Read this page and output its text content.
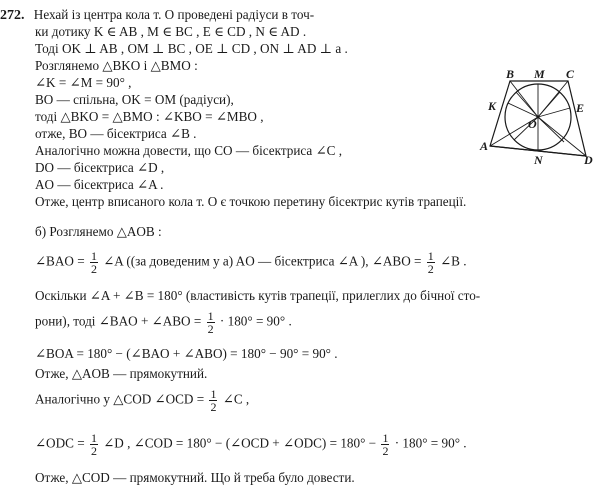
272. Нехай із центра кола т. O проведені радіуси в точ-
ки дотику K ∈ AB , M ∈ BC , E ∈ CD , N ∈ AD .
Тоді OK ⊥ AB , OM ⊥ BC , OE ⊥ CD , ON ⊥ AD ⊥ a .
Розглянемо △BKO і △BMO :
∠K = ∠M = 90° ,
BO — спільна, OK = OM (радіуси),
тоді △BKO = △BMO : ∠KBO = ∠MBO ,
отже, BO — бісектриса ∠B .
Аналогічно можна довести, що CO — бісектриса ∠C ,
DO — бісектриса ∠D ,
AO — бісектриса ∠A .
Отже, центр вписаного кола т. O є точкою перетину бісектрис кутів трапеції.
B M C
K	E
O
A
N	D
б) Розглянемо △AOB :
∠BAO = $\frac{1}{2}$ ∠A ((за доведеним у а) AO — бісектриса ∠A ), ∠ABO = $\frac{1}{2}$ ∠B .
Оскільки ∠A + ∠B = 180° (властивість кутів трапеції, прилеглих до бічної сто-
рони), тоді ∠BAO + ∠ABO = $\frac{1}{2} \cdot 180^\circ = 90^\circ$ .
∠BOA = 180° − (∠BAO + ∠ABO) = 180° − 90° = 90° .
Отже, △AOB — прямокутний.
Аналогічно у △COD ∠OCD = $\frac{1}{2}$ ∠C ,
∠ODC = $\frac{1}{2}$ ∠D , ∠COD = 180° − (∠OCD + ∠ODC) = $180^\circ - \frac{1}{2} \cdot 180^\circ = 90^\circ$ .
Отже, △COD — прямокутний. Що й треба було довести.
